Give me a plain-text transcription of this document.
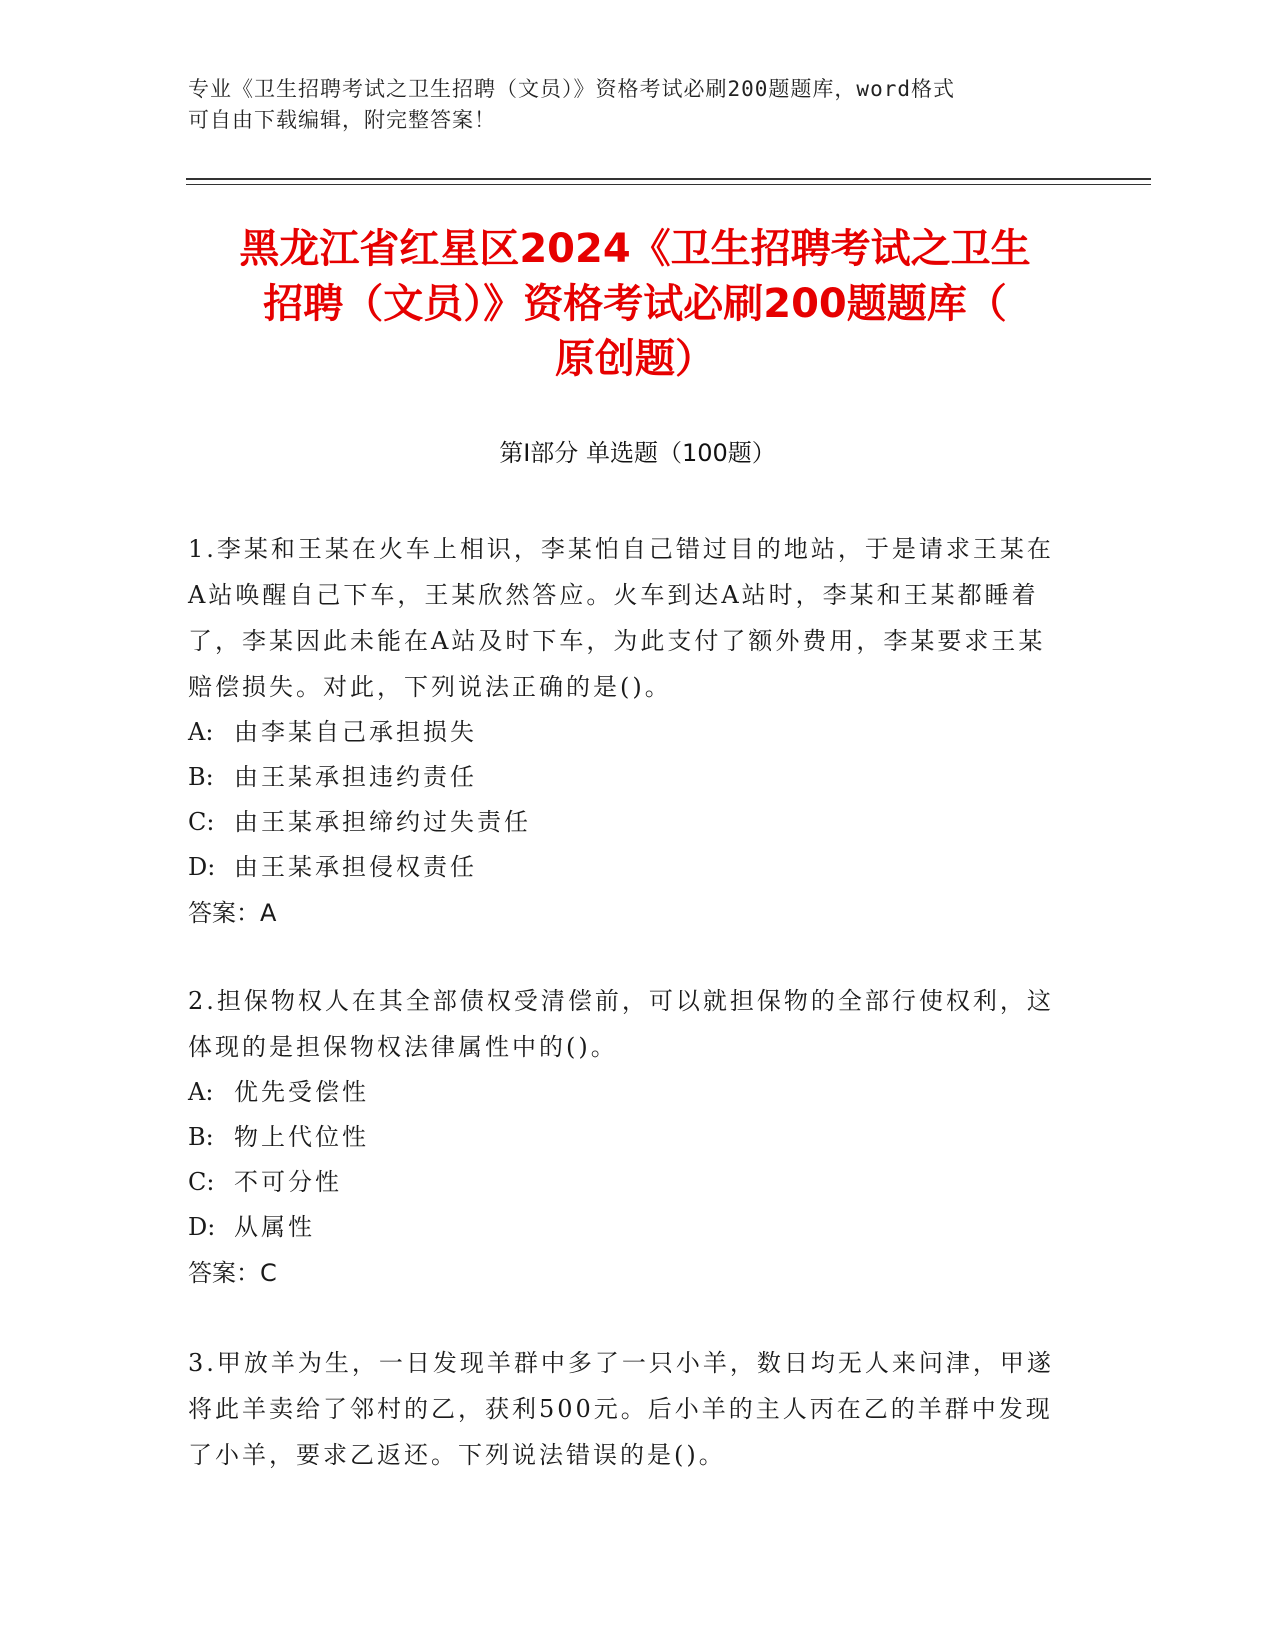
专业《卫生招聘考试之卫生招聘（文员）》资格考试必刷200题题库，word格式
可自由下载编辑，附完整答案！
黑龙江省红星区2024《卫生招聘考试之卫生
招聘（文员）》资格考试必刷200题题库（
原创题）
第Ⅰ部分 单选题（100题）

1.李某和王某在火车上相识，李某怕自己错过目的地站，于是请求王某在A站唤醒自己下车，王某欣然答应。火车到达A站时，李某和王某都睡着了，李某因此未能在A站及时下车，为此支付了额外费用，李某要求王某赔偿损失。对此，下列说法正确的是()。

A: 由李某自己承担损失

B: 由王某承担违约责任

C: 由王某承担缔约过失责任

D: 由王某承担侵权责任

答案：A

2.担保物权人在其全部债权受清偿前，可以就担保物的全部行使权利，这体现的是担保物权法律属性中的()。

A: 优先受偿性

B: 物上代位性

C: 不可分性

D: 从属性

答案：C

3.甲放羊为生，一日发现羊群中多了一只小羊，数日均无人来问津，甲遂将此羊卖给了邻村的乙，获利500元。后小羊的主人丙在乙的羊群中发现了小羊，要求乙返还。下列说法错误的是()。
